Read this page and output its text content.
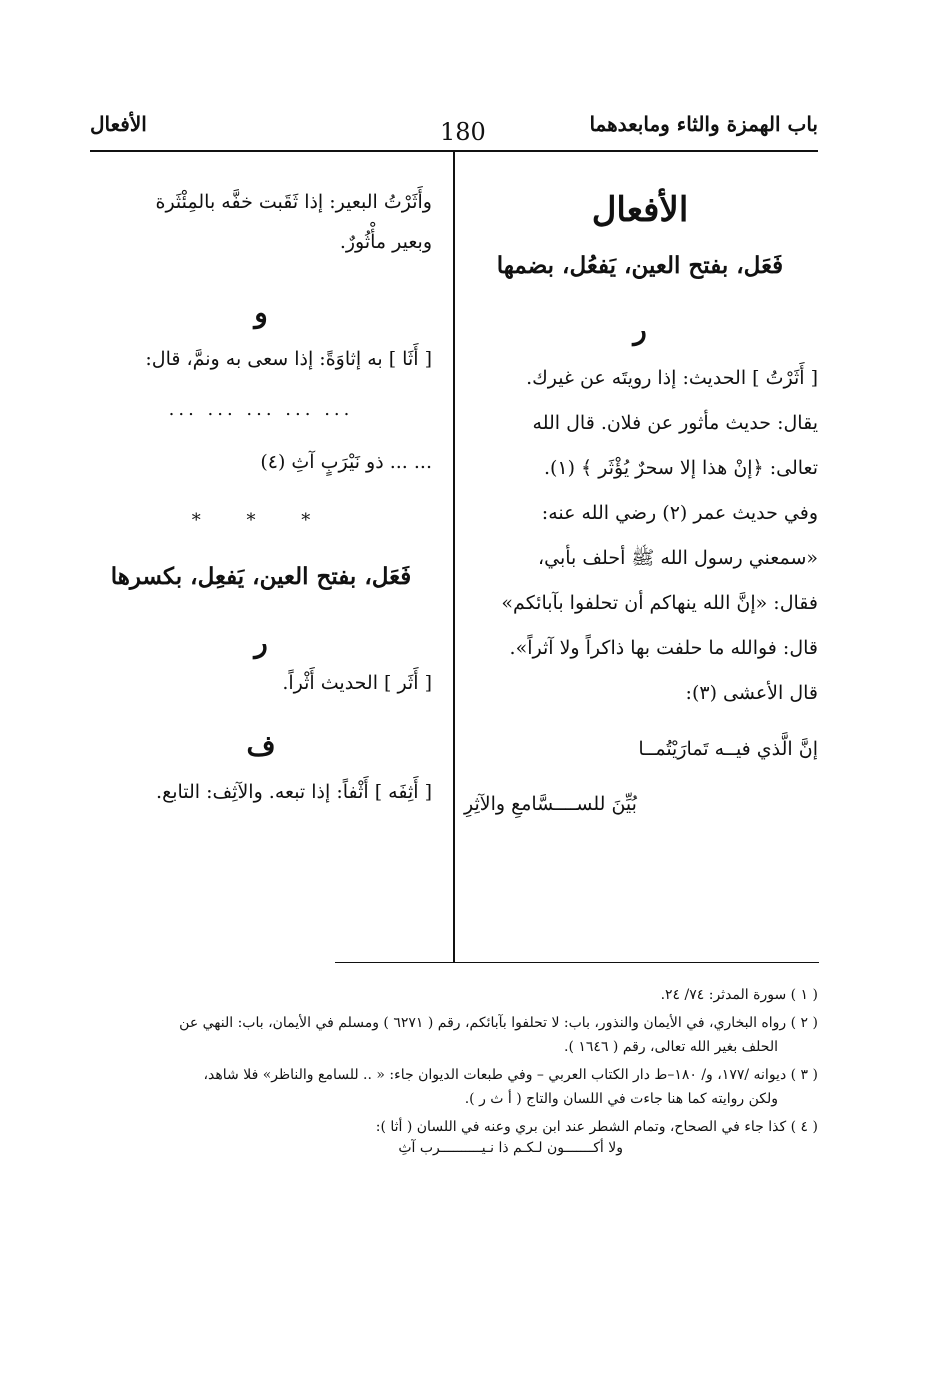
باب الهمزة والثاء ومابعدهما
180
الأفعال

الأفعال

فَعَل، بفتح العين، يَفعُل، بضمها

ر

[ أَثَرْتُ ] الحديث: إذا رويتَه عن غيرك.

يقال: حديث مأثور عن فلان. قال الله

تعالى: ﴿إنْ هذا إلا سحرٌ يُؤْثَر ﴾ (١).

وفي حديث عمر (٢) رضي الله عنه:

«سمعني رسول الله ﷺ أحلف بأبي،

فقال: «إنَّ الله ينهاكم أن تحلفوا بآبائكم»

قال: فوالله ما حلفت بها ذاكراً ولا آثراً».

قال الأعشى (٣):

إنَّ الَّذي فيــه تَمارَيْتُمــا

بُيِّنَ للســــسَّامعِ والآثِرِ

وأَثَرْتُ البعير: إذا ثَقَبت خفَّه بالمِئْثَرة

وبعير مأْثُورٌ.

و

[ أَثَا ] به إثاوَةً: إذا سعى به ونمَّ، قال:

... ... ... ... ...

... ... ذو نَيْرَبٍ آثِ (٤)

* * *

فَعَل، بفتح العين، يَفعِل، بكسرها

ر

[ أَثَر ] الحديث أَثْراً.

ف

[ أَثِفَه ] أَثْفاً: إذا تبعه. والآثِف: التابع.

( ١ ) سورة المدثر: ٧٤/ ٢٤.

( ٢ ) رواه البخاري، في الأيمان والنذور، باب: لا تحلفوا بآبائكم، رقم ( ٦٢٧١ ) ومسلم في الأيمان، باب: النهي عن

الحلف بغير الله تعالى، رقم ( ١٦٤٦ ).

( ٣ ) ديوانه /١٧٧، و/ ١٨٠–ط دار الكتاب العربي – وفي طبعات الديوان جاء: « .. للسامع والناظر» فلا شاهد،

ولكن روايته كما هنا جاءت في اللسان والتاج ( أ ث ر ).

( ٤ ) كذا جاء في الصحاح، وتمام الشطر عند ابن بري وعنه في اللسان ( أثا ):

ولا أكـــــــون لـكـم ذا نـيــــــــــرب آثِ
